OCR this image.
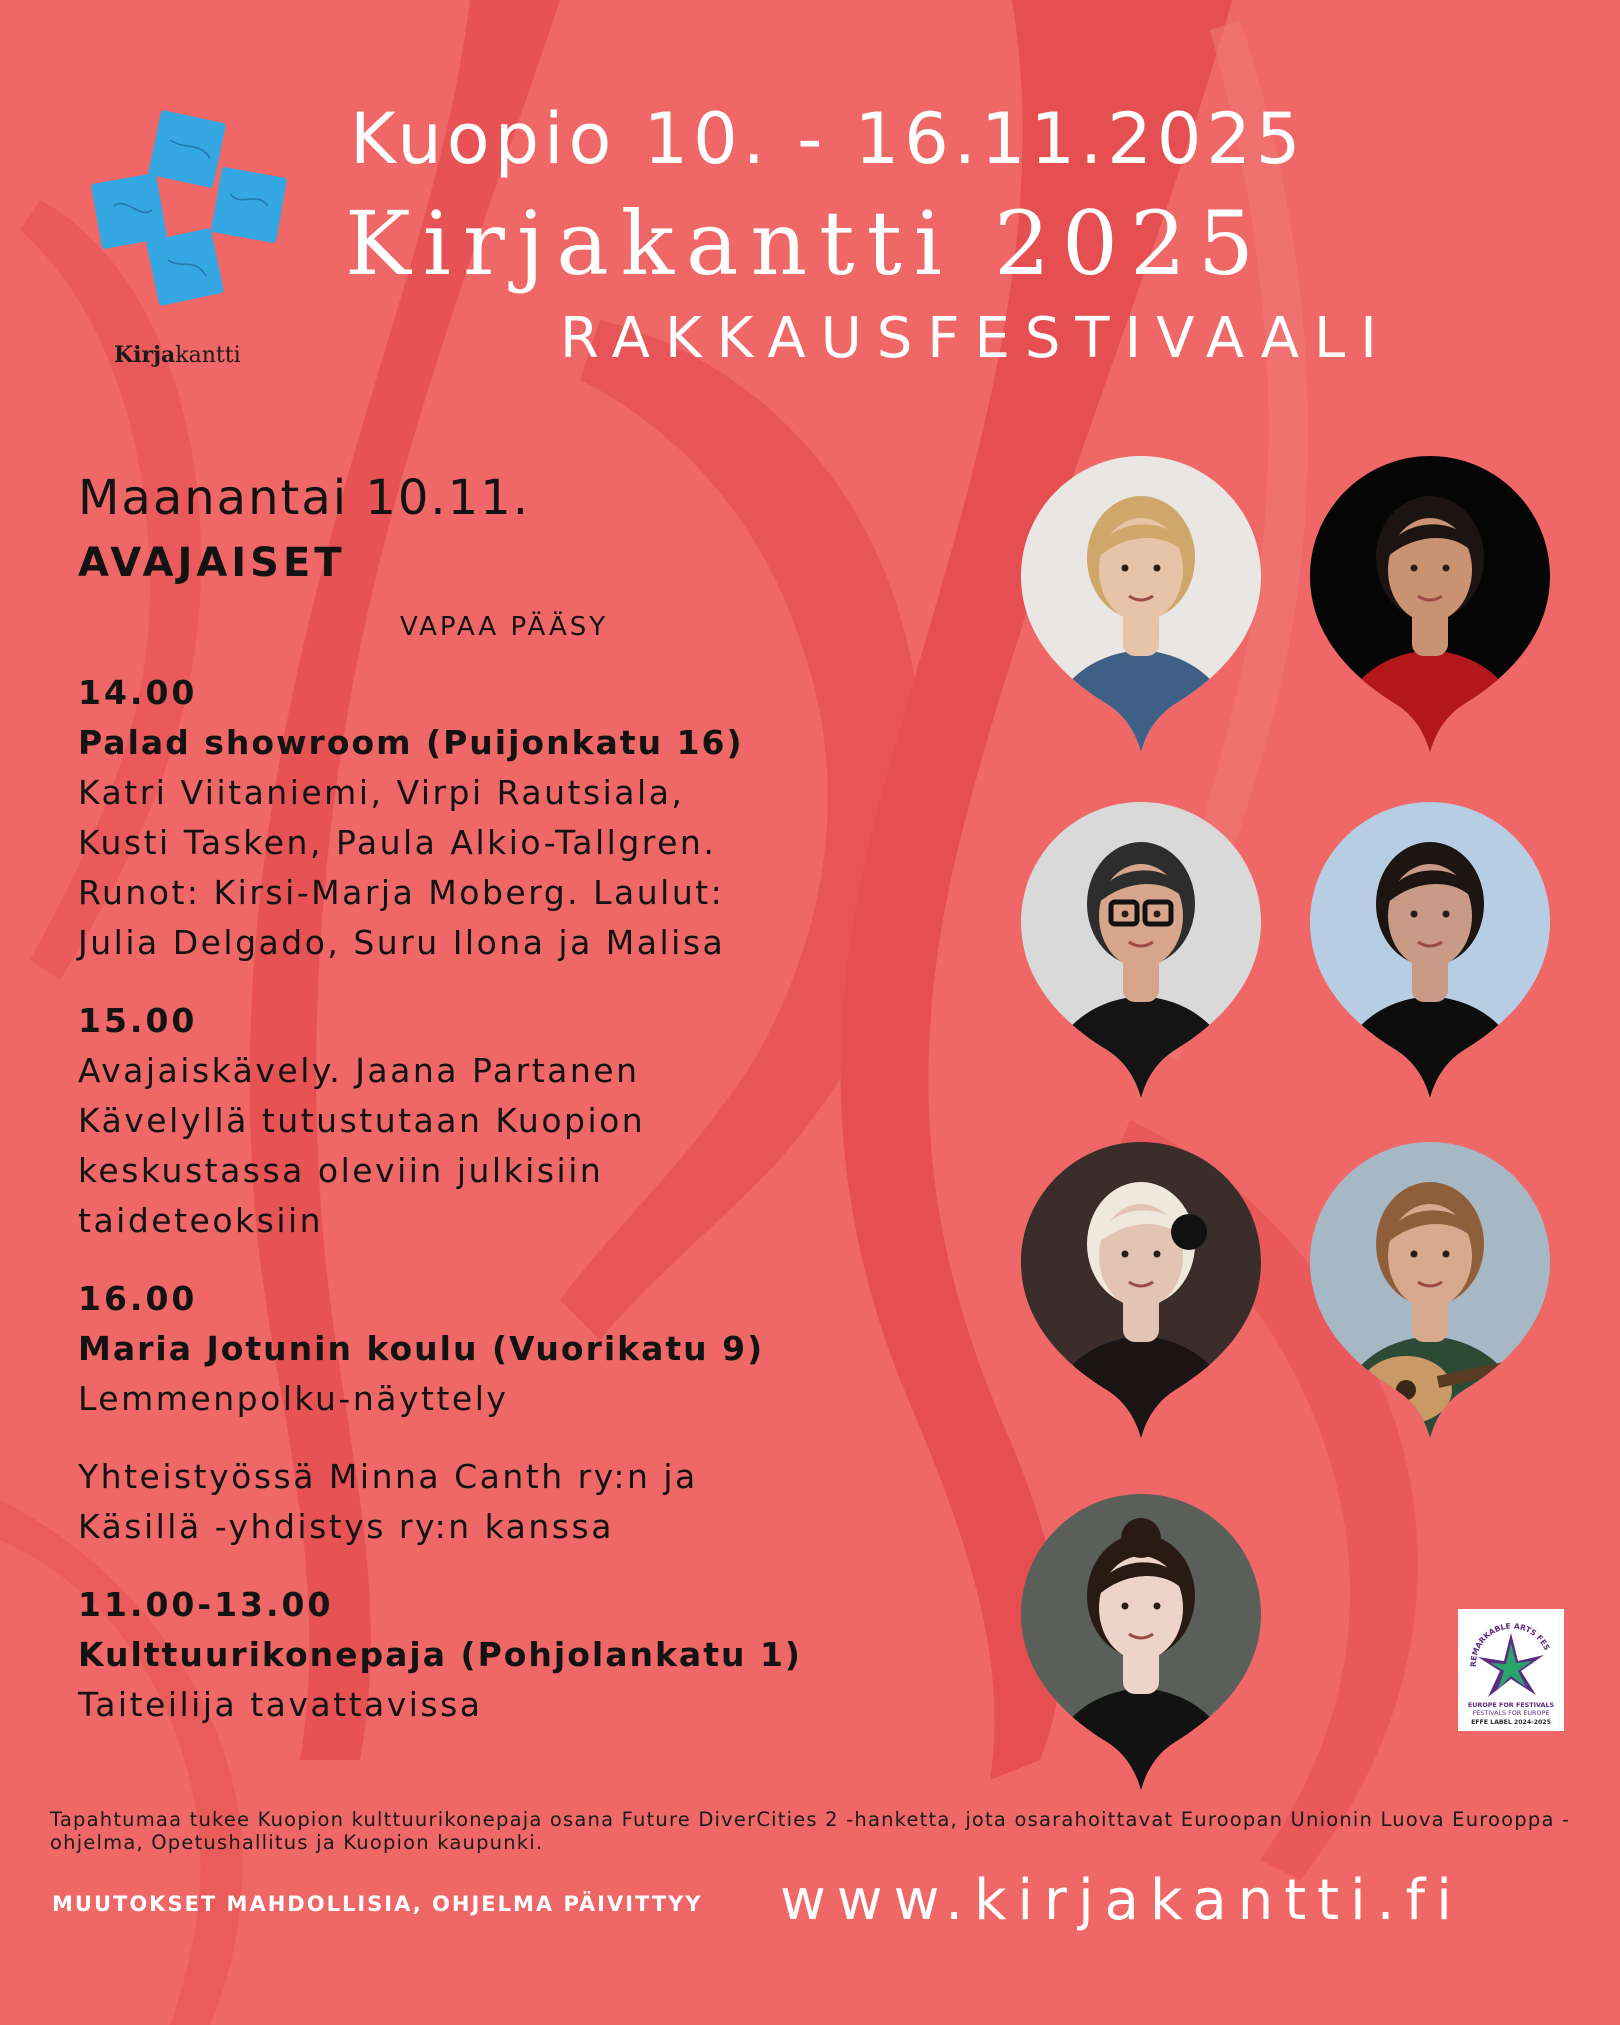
Kirjakantti
Kuopio 10. - 16.11.2025
Kirjakantti 2025
RAKKAUSFESTIVAALI
Maanantai 10.11.
AVAJAISET
VAPAA PÄÄSY
14.00
Palad showroom (Puijonkatu 16)
Katri Viitaniemi, Virpi Rautsiala,
Kusti Tasken, Paula Alkio-Tallgren.
Runot: Kirsi-Marja Moberg. Laulut:
Julia Delgado, Suru Ilona ja Malisa
15.00
Avajaiskävely. Jaana Partanen
Kävelyllä tutustutaan Kuopion
keskustassa oleviin julkisiin
taideteoksiin
16.00
Maria Jotunin koulu (Vuorikatu 9)
Lemmenpolku-näyttely
Yhteistyössä Minna Canth ry:n ja
Käsillä -yhdistys ry:n kanssa
11.00-13.00
Kulttuurikonepaja (Pohjolankatu 1)
Taiteilija tavattavissa
REMARKABLE ARTS FES
EUROPE FOR FESTIVALS
FESTIVALS FOR EUROPE
EFFE LABEL 2024-2025
Tapahtumaa tukee Kuopion kulttuurikonepaja osana Future DiverCities 2 -hanketta, jota osarahoittavat Euroopan Unionin Luova Eurooppa -ohjelma, Opetushallitus ja Kuopion kaupunki.
MUUTOKSET MAHDOLLISIA, OHJELMA PÄIVITTYY www.kirjakantti.fi
